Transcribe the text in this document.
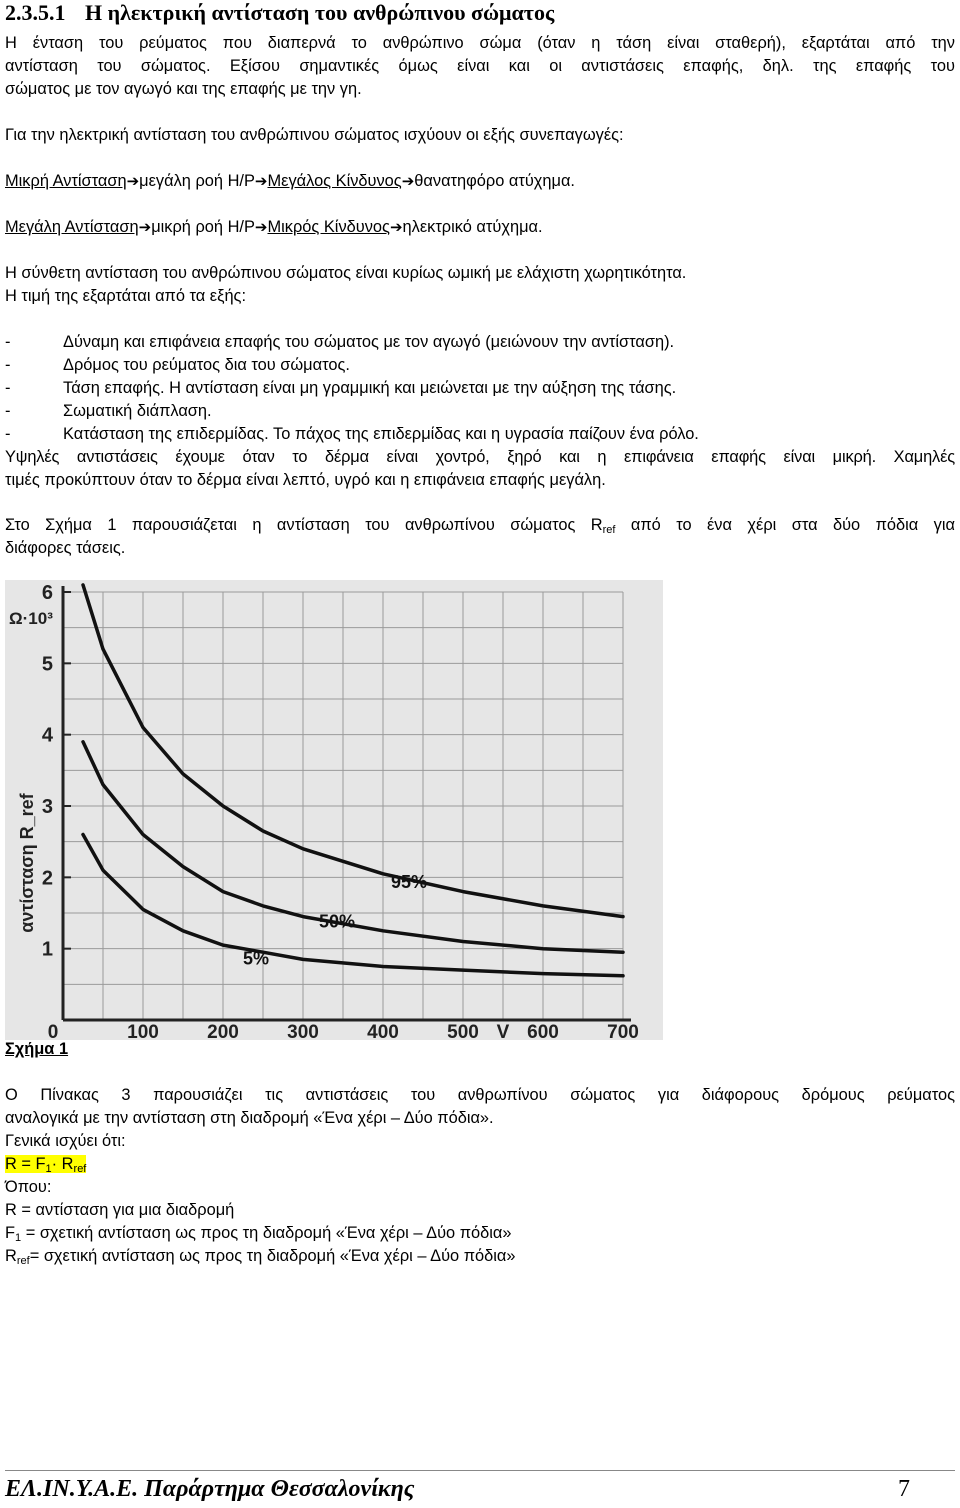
2.3.5.1 Η ηλεκτρική αντίσταση του ανθρώπινου σώματος
Η ένταση του ρεύματος που διαπερνά το ανθρώπινο σώμα (όταν η τάση είναι σταθερή), εξαρτάται από την
αντίσταση του σώματος. Εξίσου σημαντικές όμως είναι και οι αντιστάσεις επαφής, δηλ. της επαφής του
σώματος με τον αγωγό και της επαφής με την γη.
Για την ηλεκτρική αντίσταση του ανθρώπινου σώματος ισχύουν οι εξής συνεπαγωγές:
Μικρή Αντίσταση➔μεγάλη ροή Η/Ρ➔Μεγάλος Κίνδυνος➔θανατηφόρο ατύχημα.
Μεγάλη Αντίσταση➔μικρή ροή Η/Ρ➔Μικρός Κίνδυνος➔ηλεκτρικό ατύχημα.
Η σύνθετη αντίσταση του ανθρώπινου σώματος είναι κυρίως ωμική με ελάχιστη χωρητικότητα.
Η τιμή της εξαρτάται από τα εξής:
-	Δύναμη και επιφάνεια επαφής του σώματος με τον αγωγό (μειώνουν την αντίσταση).
-	Δρόμος του ρεύματος δια του σώματος.
-	Τάση επαφής. Η αντίσταση είναι μη γραμμική και μειώνεται με την αύξηση της τάσης.
-	Σωματική διάπλαση.
-	Κατάσταση της επιδερμίδας. Το πάχος της επιδερμίδας και η υγρασία παίζουν ένα ρόλο.
Υψηλές αντιστάσεις έχουμε όταν το δέρμα είναι χοντρό, ξηρό και η επιφάνεια επαφής είναι μικρή. Χαμηλές
τιμές προκύπτουν όταν το δέρμα είναι λεπτό, υγρό και η επιφάνεια επαφής μεγάλη.
Στο Σχήμα 1 παρουσιάζεται η αντίσταση του ανθρωπίνου σώματος $R_{ref}$ από το ένα χέρι στα δύο πόδια για
διάφορες τάσεις.
1
2
3
4
5
6
0	100	200	300	400	500	600	700
V
Ω·10³
αντίσταση R_ref	95%
50%
5%
Σχήμα 1
Ο Πίνακας 3 παρουσιάζει τις αντιστάσεις του ανθρωπίνου σώματος για διάφορους δρόμους ρεύματος
αναλογικά με την αντίσταση στη διαδρομή «Ένα χέρι – Δύο πόδια».
Γενικά ισχύει ότι:
$R = F_1\cdot R_{ref}$
Όπου:
R = αντίσταση για μια διαδρομή
$F_1 = \sigma\chi\varepsilon\tau\iota\kappa ή$ αντίσταση ως προς τη διαδρομή «Ένα χέρι – Δύο πόδια»
$R_{ref}= \sigma\chi\varepsilon\tau\iota\kappa ή$ αντίσταση ως προς τη διαδρομή «Ένα χέρι – Δύο πόδια»
ΕΛ.ΙΝ.Υ.Α.Ε. Παράρτημα Θεσσαλονίκης	7
